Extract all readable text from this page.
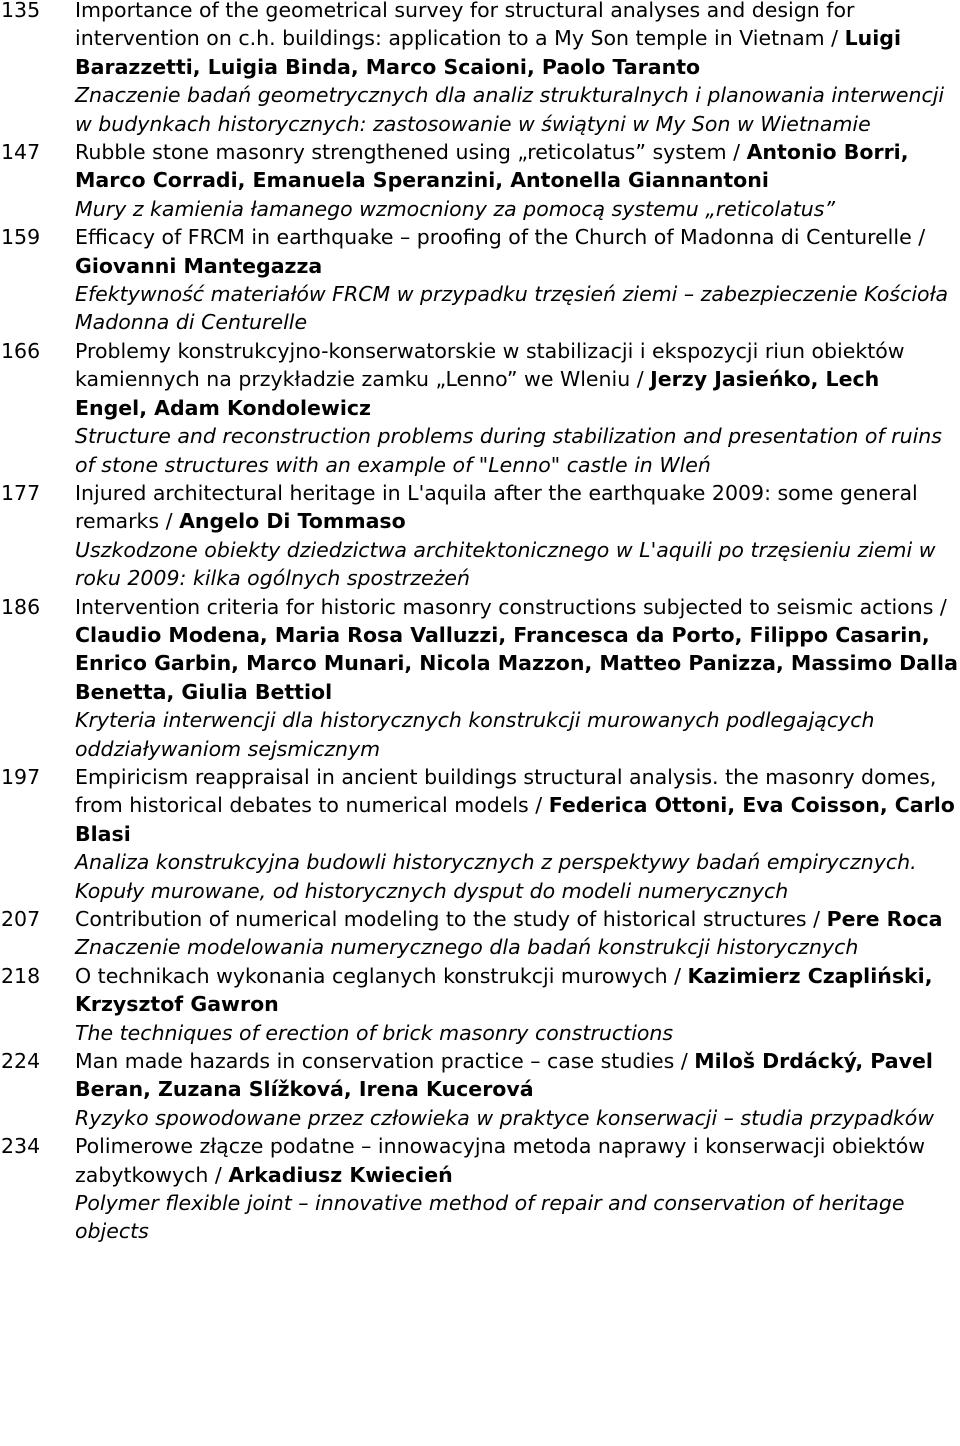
135	Importance of the geometrical survey for structural analyses and design for intervention on c.h. buildings: application to a My Son temple in Vietnam / Luigi Barazzetti, Luigia Binda, Marco Scaioni, Paolo Taranto
Znaczenie badań geometrycznych dla analiz strukturalnych i planowania interwencji w budynkach historycznych: zastosowanie w świątyni w My Son w Wietnamie
147	Rubble stone masonry strengthened using „reticolatus” system / Antonio Borri, Marco Corradi, Emanuela Speranzini, Antonella Giannantoni
Mury z kamienia łamanego wzmocniony za pomocą systemu „reticolatus”
159	Efficacy of FRCM in earthquake – proofing of the Church of Madonna di Centurelle / Giovanni Mantegazza
Efektywność materiałów FRCM w przypadku trzęsień ziemi – zabezpieczenie Kościoła Madonna di Centurelle
166	Problemy konstrukcyjno-konserwatorskie w stabilizacji i ekspozycji riun obiektów kamiennych na przykładzie zamku „Lenno” we Wleniu / Jerzy Jasieńko, Lech Engel, Adam Kondolewicz
Structure and reconstruction problems during stabilization and presentation of ruins of stone structures with an example of "Lenno" castle in Wleń
177	Injured architectural heritage in L'aquila after the earthquake 2009: some general remarks / Angelo Di Tommaso
Uszkodzone obiekty dziedzictwa architektonicznego w L'aquili po trzęsieniu ziemi w roku 2009: kilka ogólnych spostrzeżeń
186	Intervention criteria for historic masonry constructions subjected to seismic actions / Claudio Modena, Maria Rosa Valluzzi, Francesca da Porto, Filippo Casarin, Enrico Garbin, Marco Munari, Nicola Mazzon, Matteo Panizza, Massimo Dalla Benetta, Giulia Bettiol
Kryteria interwencji dla historycznych konstrukcji murowanych podlegających oddziaływaniom sejsmicznym
197	Empiricism reappraisal in ancient buildings structural analysis. the masonry domes, from historical debates to numerical models / Federica Ottoni, Eva Coisson, Carlo Blasi
Analiza konstrukcyjna budowli historycznych z perspektywy badań empirycznych. Kopuły murowane, od historycznych dysput do modeli numerycznych
207	Contribution of numerical modeling to the study of historical structures / Pere Roca
Znaczenie modelowania numerycznego dla badań konstrukcji historycznych
218	O technikach wykonania ceglanych konstrukcji murowych / Kazimierz Czapliński, Krzysztof Gawron
The techniques of erection of brick masonry constructions
224	Man made hazards in conservation practice – case studies / Miloš Drdácký, Pavel Beran, Zuzana Slížková, Irena Kucerová
Ryzyko spowodowane przez człowieka w praktyce konserwacji – studia przypadków
234	Polimerowe złącze podatne – innowacyjna metoda naprawy i konserwacji obiektów zabytkowych / Arkadiusz Kwiecień
Polymer flexible joint – innovative method of repair and conservation of heritage objects
